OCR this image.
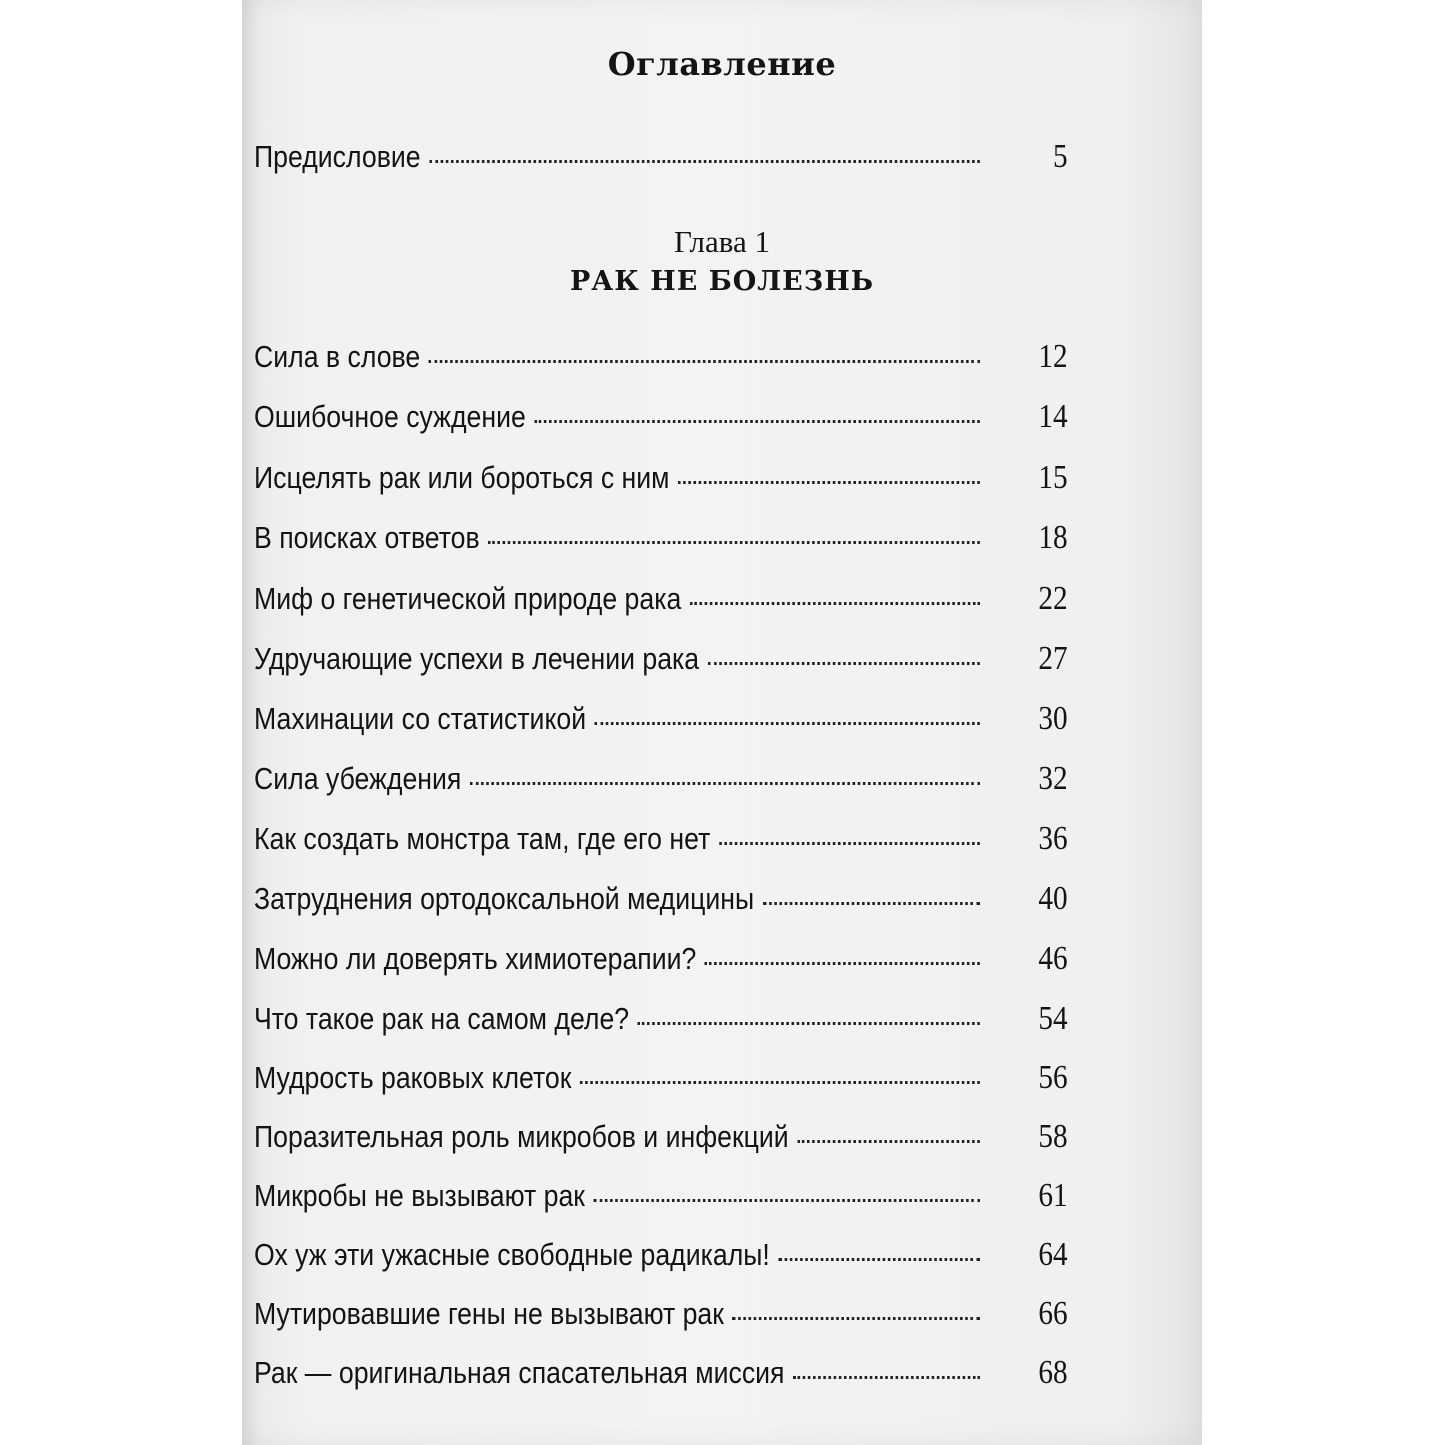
Оглавление
Предисловие	5
Глава 1
РАК НЕ БОЛЕЗНЬ
Сила в слове	12
Ошибочное суждение	14
Исцелять рак или бороться с ним	15
В поисках ответов	18
Миф о генетической природе рака	22
Удручающие успехи в лечении рака	27
Махинации со статистикой	30
Сила убеждения	32
Как создать монстра там, где его нет	36
Затруднения ортодоксальной медицины	40
Можно ли доверять химиотерапии?	46
Что такое рак на самом деле?	54
Мудрость раковых клеток	56
Поразительная роль микробов и инфекций	58
Микробы не вызывают рак	61
Ох уж эти ужасные свободные радикалы!	64
Мутировавшие гены не вызывают рак	66
Рак — оригинальная спасательная миссия	68
